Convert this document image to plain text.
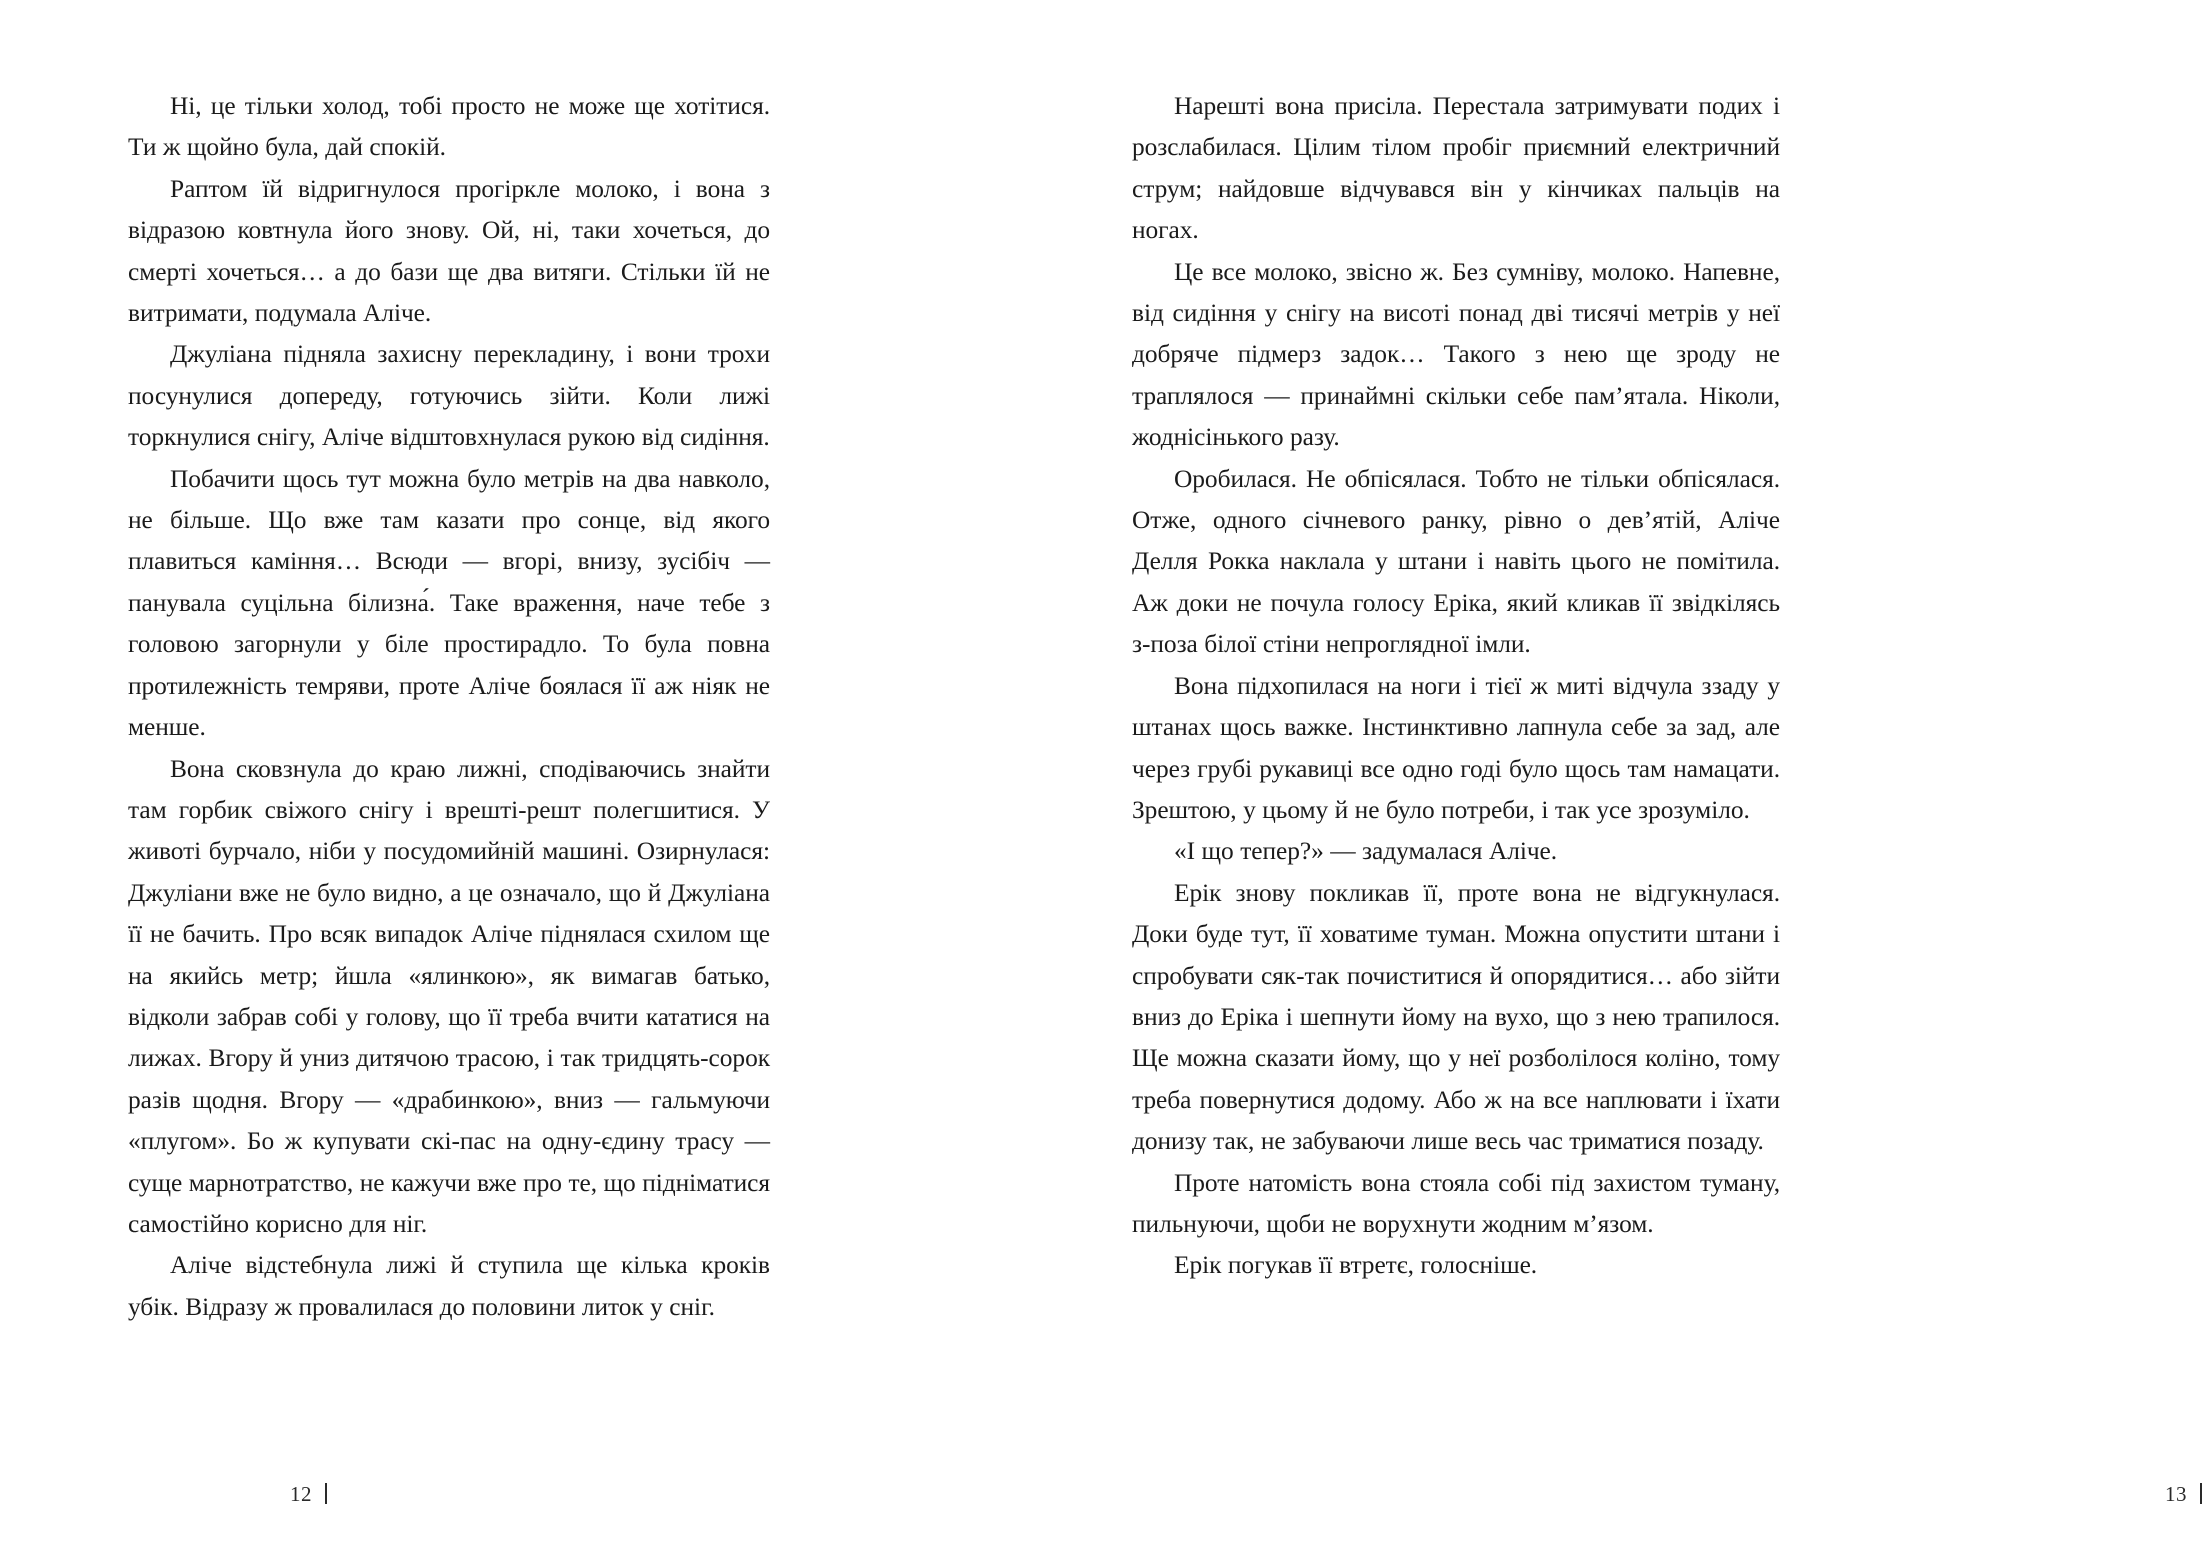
Ні, це тільки холод, тобі просто не може ще хотітися. Ти ж щойно була, дай спокій.

Раптом їй відригнулося прогіркле молоко, і вона з відразою ковтнула його знову. Ой, ні, таки хочеться, до смерті хочеться… а до бази ще два витяги. Стільки їй не витримати, подумала Аліче.

Джуліана підняла захисну перекладину, і вони трохи посунулися допереду, готуючись зійти. Коли лижі торкнулися снігу, Аліче відштовхнулася рукою від сидіння.

Побачити щось тут можна було метрів на два навколо, не більше. Що вже там казати про сонце, від якого плавиться каміння… Всюди — вгорі, внизу, зусібіч — панувала суцільна білизна́. Таке враження, наче тебе з головою загорнули у біле простирадло. То була повна протилежність темряви, проте Аліче боялася її аж ніяк не менше.

Вона сковзнула до краю лижні, сподіваючись знайти там горбик свіжого снігу і врешті-решт полегшитися. У животі бурчало, ніби у посудомийній машині. Озирнулася: Джуліани вже не було видно, а це означало, що й Джуліана її не бачить. Про всяк випадок Аліче піднялася схилом ще на якийсь метр; йшла «ялинкою», як вимагав батько, відколи забрав собі у голову, що її треба вчити кататися на лижах. Вгору й униз дитячою трасою, і так тридцять-сорок разів щодня. Вгору — «драбинкою», вниз — гальмуючи «плугом». Бо ж купувати скі-пас на одну-єдину трасу — суще марнотратство, не кажучи вже про те, що підніматися самостійно корисно для ніг.

Аліче відстебнула лижі й ступила ще кілька кроків убік. Відразу ж провалилася до половини литок у сніг.

12

Нарешті вона присіла. Перестала затримувати подих і розслабилася. Цілим тілом пробіг приємний електричний струм; найдовше відчувався він у кінчиках пальців на ногах.

Це все молоко, звісно ж. Без сумніву, молоко. Напевне, від сидіння у снігу на висоті понад дві тисячі метрів у неї добряче підмерз задок… Такого з нею ще зроду не траплялося — принаймні скільки себе пам’ятала. Ніколи, жоднісінького разу.

Оробилася. Не обпісялася. Тобто не тільки обпісялася. Отже, одного січневого ранку, рівно о дев’ятій, Аліче Делля Рокка наклала у штани і навіть цього не помітила. Аж доки не почула голосу Еріка, який кликав її звідкілясь з-поза білої стіни непроглядної імли.

Вона підхопилася на ноги і тієї ж миті відчула ззаду у штанах щось важке. Інстинктивно лапнула себе за зад, але через грубі рукавиці все одно годі було щось там намацати. Зрештою, у цьому й не було потреби, і так усе зрозуміло.

«І що тепер?» — задумалася Аліче.

Ерік знову покликав її, проте вона не відгукнулася. Доки буде тут, її ховатиме туман. Можна опустити штани і спробувати сяк-так почиститися й опорядитися… або зійти вниз до Еріка і шепнути йому на вухо, що з нею трапилося. Ще можна сказати йому, що у неї розболілося коліно, тому треба повернутися додому. Або ж на все наплювати і їхати донизу так, не забуваючи лише весь час триматися позаду.

Проте натомість вона стояла собі під захистом туману, пильнуючи, щоби не ворухнути жодним м’язом.

Ерік погукав її втретє, голосніше.

13
